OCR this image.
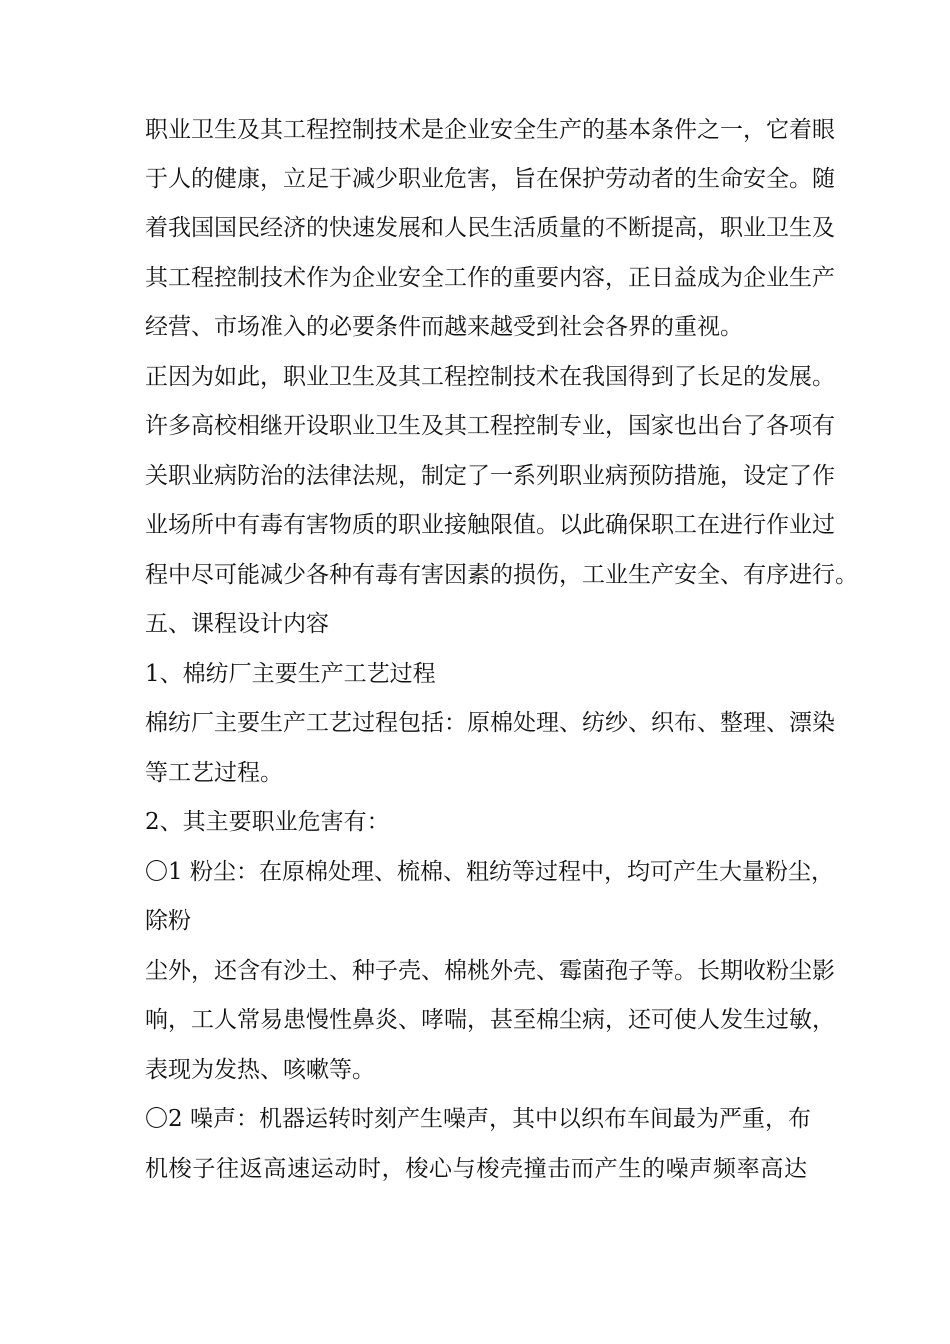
职业卫生及其工程控制技术是企业安全生产的基本条件之一，它着眼
于人的健康，立足于减少职业危害，旨在保护劳动者的生命安全。随
着我国国民经济的快速发展和人民生活质量的不断提高，职业卫生及
其工程控制技术作为企业安全工作的重要内容，正日益成为企业生产
经营、市场准入的必要条件而越来越受到社会各界的重视。
正因为如此，职业卫生及其工程控制技术在我国得到了长足的发展。
许多高校相继开设职业卫生及其工程控制专业，国家也出台了各项有
关职业病防治的法律法规，制定了一系列职业病预防措施，设定了作
业场所中有毒有害物质的职业接触限值。以此确保职工在进行作业过
程中尽可能减少各种有毒有害因素的损伤，工业生产安全、有序进行。
五、课程设计内容
1、棉纺厂主要生产工艺过程
棉纺厂主要生产工艺过程包括：原棉处理、纺纱、织布、整理、漂染
等工艺过程。
2、其主要职业危害有：
〇1 粉尘：在原棉处理、梳棉、粗纺等过程中，均可产生大量粉尘，
除粉
尘外，还含有沙土、种子壳、棉桃外壳、霉菌孢子等。长期收粉尘影
响，工人常易患慢性鼻炎、哮喘，甚至棉尘病，还可使人发生过敏，
表现为发热、咳嗽等。
〇2 噪声：机器运转时刻产生噪声，其中以织布车间最为严重，布
机梭子往返高速运动时，梭心与梭壳撞击而产生的噪声频率高达
